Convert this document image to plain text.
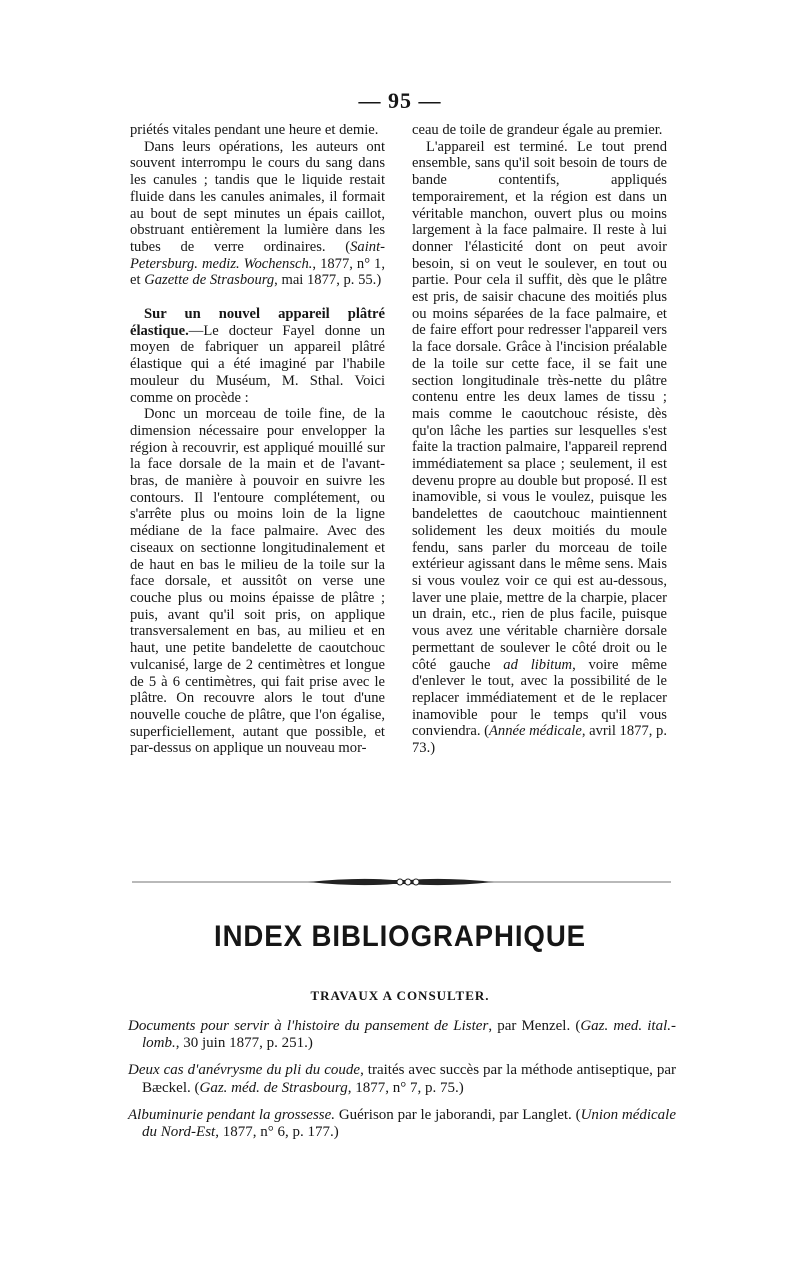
— 95 —

priétés vitales pendant une heure et demie.

Dans leurs opérations, les auteurs ont souvent interrompu le cours du sang dans les canules ; tandis que le liquide restait fluide dans les canules animales, il formait au bout de sept minutes un épais caillot, obstruant entièrement la lumière dans les tubes de verre ordinaires. (Saint-Petersburg. mediz. Wochensch., 1877, n° 1, et Gazette de Strasbourg, mai 1877, p. 55.)

Sur un nouvel appareil plâtré élastique.—Le docteur Fayel donne un moyen de fabriquer un appareil plâtré élastique qui a été imaginé par l'habile mouleur du Muséum, M. Sthal. Voici comme on procède :

Donc un morceau de toile fine, de la dimension nécessaire pour envelopper la région à recouvrir, est appliqué mouillé sur la face dorsale de la main et de l'avant-bras, de manière à pouvoir en suivre les contours. Il l'entoure complétement, ou s'arrête plus ou moins loin de la ligne médiane de la face palmaire. Avec des ciseaux on sectionne longitudinalement et de haut en bas le milieu de la toile sur la face dorsale, et aussitôt on verse une couche plus ou moins épaisse de plâtre ; puis, avant qu'il soit pris, on applique transversalement en bas, au milieu et en haut, une petite bandelette de caoutchouc vulcanisé, large de 2 centimètres et longue de 5 à 6 centimètres, qui fait prise avec le plâtre. On recouvre alors le tout d'une nouvelle couche de plâtre, que l'on égalise, superficiellement, autant que possible, et par-dessus on applique un nouveau mor-

ceau de toile de grandeur égale au premier.

L'appareil est terminé. Le tout prend ensemble, sans qu'il soit besoin de tours de bande contentifs, appliqués temporairement, et la région est dans un véritable manchon, ouvert plus ou moins largement à la face palmaire. Il reste à lui donner l'élasticité dont on peut avoir besoin, si on veut le soulever, en tout ou partie. Pour cela il suffit, dès que le plâtre est pris, de saisir chacune des moitiés plus ou moins séparées de la face palmaire, et de faire effort pour redresser l'appareil vers la face dorsale. Grâce à l'incision préalable de la toile sur cette face, il se fait une section longitudinale très-nette du plâtre contenu entre les deux lames de tissu ; mais comme le caoutchouc résiste, dès qu'on lâche les parties sur lesquelles s'est faite la traction palmaire, l'appareil reprend immédiatement sa place ; seulement, il est devenu propre au double but proposé. Il est inamovible, si vous le voulez, puisque les bandelettes de caoutchouc maintiennent solidement les deux moitiés du moule fendu, sans parler du morceau de toile extérieur agissant dans le même sens. Mais si vous voulez voir ce qui est au-dessous, laver une plaie, mettre de la charpie, placer un drain, etc., rien de plus facile, puisque vous avez une véritable charnière dorsale permettant de soulever le côté droit ou le côté gauche ad libitum, voire même d'enlever le tout, avec la possibilité de le replacer immédiatement et de le replacer inamovible pour le temps qu'il vous conviendra. (Année médicale, avril 1877, p. 73.)

INDEX BIBLIOGRAPHIQUE
TRAVAUX A CONSULTER.

Documents pour servir à l'histoire du pansement de Lister, par Menzel. (Gaz. med. ital.-lomb., 30 juin 1877, p. 251.)

Deux cas d'anévrysme du pli du coude, traités avec succès par la méthode antiseptique, par Bæckel. (Gaz. méd. de Strasbourg, 1877, n° 7, p. 75.)

Albuminurie pendant la grossesse. Guérison par le jaborandi, par Langlet. (Union médicale du Nord-Est, 1877, n° 6, p. 177.)
